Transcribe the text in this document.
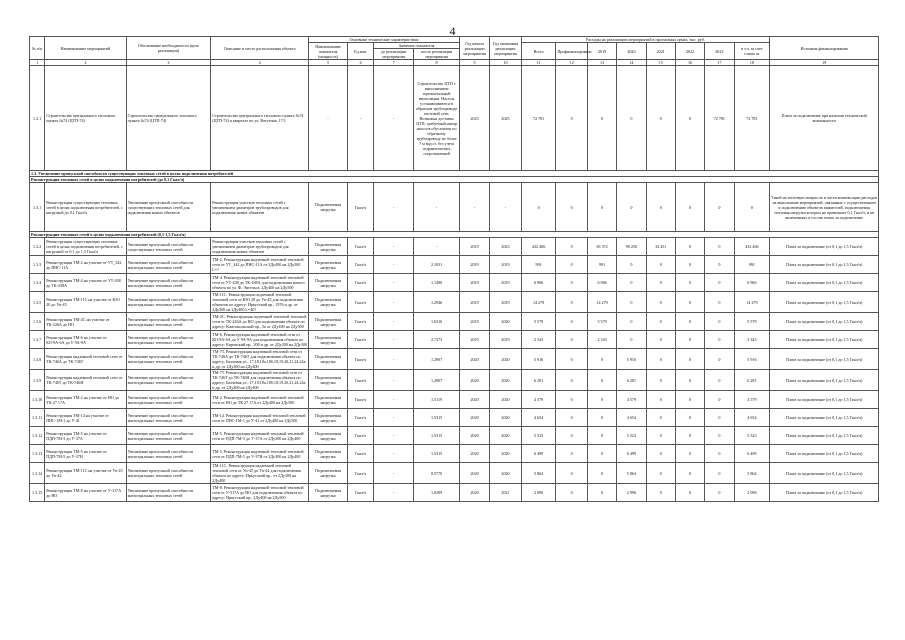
4
№ п/п	Наименование мероприятий	Обоснование необходимости (цель реализации)	Описание и место расположения объекта	Основные технические характеристики				Год начала реализации мероприятия	Год окончания реализации мероприятия	Расходы на реализацию мероприятий в прогнозных ценах, тыс. руб.								Источник финансирования
				Наименование показателя (мощность)	Ед.изм.	Значение показателя				Всего	Профинансировано	2019	2020	2021	2022	2023	в т.ч. за счет платы за	
						до реализации мероприятия	после реализации мероприятия											
1	2	3	4	5	6	7	8	9	10	11	12	13	14	15	16	17	18	19
1.2.1	Строительство центрального теплового пункта №74 (ЦТП-74)	Строительство центрального теплового пункта №74 (ЦТП-74)	Строительство центрального теплового пункта №74 (ЦТП-74) в квартале по ул. Ватутина, 17/1	-	-	-	Строительство ЦТП с выполнением горизонтальной вентиляции. Насосы устанавливаются в обратном трубопроводе тепловой сети. Возможна доставка ЦТП, требуемый напор насосов обусловлен по обратному трубопроводу не более 7 м вод.ст. без учета гидравлических сопротивлений	2023	2025	72 781	0	0	0	0	0	72 781	72 781	Плата за подключение при наличии технической возможности
1.3. Увеличение пропускной способности существующих тепловых сетей в целях подключения потребителей																		
Реконструкция тепловых сетей в целях подключения потребителей (до 0,1 Гкал/ч)																		
1.3.1	Реконструкция существующих тепловых сетей в целях подключения потребителей, с нагрузкой до 0,1 Гкал/ч	Увеличение пропускной способности существующих тепловых сетей для подключения новых объектов	Реконструкция участков тепловых сетей с увеличением диаметров трубопроводов для подключения новых объектов	Подключаемая нагрузка	Гкал/ч	-	-	-	-	0	0	0	0	0	0	0	0	Такой на тепловую мощность в части компенсации расходов на выполнение мероприятий, связанных с осуществлением к подключению объектов заявителей, подключаемая тепловая нагрузка которых не превышает 0,1 Гкал/ч, и не включенных в состав платы за подключение
Реконструкция тепловых сетей в целях подключения потребителей (0,1-1,5 Гкал/ч)																		
1.3.2	Реконструкция существующих тепловых сетей в целях подключения потребителей, с нагрузкой от 0,1 до 1,5 Гкал/ч	Увеличение пропускной способности существующих тепловых сетей	Реконструкция участков тепловых сетей с увеличением диаметров трубопроводов для подключения новых объектов	Подключаемая нагрузка	Гкал/ч	-	-	2019	2023	432 466	0	65 372	90 250	34 451	0	0	432 466	Плата за подключение (от 0,1 до 1,5 Гкал/ч)
1.3.3	Реконструкция ТМ-2 на участке от УТ_342 до ПНС-11А	Увеличение пропускной способности магистральных тепловых сетей	ТМ-2. Реконструкция надземной тепловой тепловой сети от УТ_342 до ПНС-11А от 2Ду400 на 2Ду500 L=?	Подключаемая нагрузка	Гкал/ч	-	2,1031	2019	2019	991	0	991	0	0	0	0	991	Плата за подключение (от 0,1 до 1,5 Гкал/ч)
1.3.4	Реконструкция ТМ-4 на участке от УТ-438 до ТК-438А	Увеличение пропускной способности магистральных тепловых сетей	ТМ-4. Реконструкция надземной тепловой тепловой сети от УТ-438 до ТК-438А для подключения нового объекта по ул. Ф. Энгельса, 2Ду400 на 2Ду500	Подключаемая нагрузка	Гкал/ч	-	1,1490	2019	2019	6 966	0	6 966	0	0	0	0	6 966	Плата за подключение (от 0,1 до 1,5 Гкал/ч)
1.3.5	Реконструкция ТМ-11С на участке от ЮО 20 до Уп-45	Увеличение пропускной способности магистральных тепловых сетей	ТМ-11С. Реконструкция подземной тепловой тепловой сети от ЮО 20 до Уп-45 для подключения объектов по адресу: Иркутский пр., 1976 и др. от 2Ду300 на 2Ду400 L=40?	Подключаемая нагрузка	Гкал/ч	-	1,2946	2019	2019	14 279	0	14 279	0	0	0	0	14 279	Плата за подключение (от 0,1 до 1,5 Гкал/ч)
1.3.6	Реконструкция ТМ-2С на участке от ТК-226А до НО	Увеличение пропускной способности магистральных тепловых сетей	ТМ-2С. Реконструкция подземной тепловой тепловой сети от ТК-226А до НО для подключения объекта по адресу: Комсомольский пр., 5а от 2Ду400 на 2Ду500	Подключаемая нагрузка	Гкал/ч	-	1,6310	2019	2020	5 579	0	5 579	0	0	0	0	5 579	Плата за подключение (от 0,1 до 1,5 Гкал/ч)
1.3.7	Реконструкция ТМ-6 на участке от КО-9А-6А до У 9А-9А	Увеличение пропускной способности магистральных тепловых сетей	ТМ-6. Реконструкция надземной тепловой сети от КО-9А-6А до У 9А-9А для подключения объекта по адресу: Кировский пр., 200 и др. от 2Ду200 на 2Ду300	Подключаемая нагрузка	Гкал/ч	-	2,7373	2019	2019	2 343	0	2 343	0	0	0	0	2 343	Плата за подключение (от 0,1 до 1,5 Гкал/ч)
1.3.8	Реконструкция надземной тепловой сети от ТК-746А до ТК-746Т	Увеличение пропускной способности магистральных тепловых сетей	ТМ-7Т. Реконструкция надземной тепловой сети от ТК-746А до ТК-746Т для подключения объекта по адресу: Бахчевая ул., 17,18,18а,18б,18,19,20,21,24,24а и др. от 2Ду300 на 2Ду400	Подключаемая нагрузка	Гкал/ч	-	1,2907	2020	2020	5 916	0	0	5 916	0	0	0	5 916	Плата за подключение (от 0,1 до 1,5 Гкал/ч)
1.3.9	Реконструкция надземной тепловой сети от ТК-746Т до ТК-746Н	Увеличение пропускной способности магистральных тепловых сетей	ТМ-7Т. Реконструкция надземной тепловой сети от ТК-746Т до ТК-746Н для подключения объекта по адресу: Бахчевая ул., 17,18,18а,18б,18,19,20,21,24,24а и др. от 2Ду300 на 2Ду400	Подключаемая нагрузка	Гкал/ч	-	1,2907	2020	2020	6 281	0	0	6 281	0	0	0	6 281	Плата за подключение (от 0,1 до 1,5 Гкал/ч)
1.3.10	Реконструкция ТМ-2 на участке от НО до ТК-27 17А	Увеличение пропускной способности магистральных тепловых сетей	ТМ-2. Реконструкция надземной тепловой тепловой сети от НО до ТК 27 17А от 2Ду400 на 2Ду500	Подключаемая нагрузка	Гкал/ч	-	1,5119	2020	2020	4 579	0	0	4 579	0	0	0	4 579	Плата за подключение (от 0,1 до 1,5 Гкал/ч)
1.3.11	Реконструкция ТМ-14 на участке от ПНС-1М-1 до У-41	Увеличение пропускной способности магистральных тепловых сетей	ТМ-14. Реконструкция надземной тепловой тепловой сети от ПНС-1М-1 до У-41 от 2Ду400 на 2Ду500	Подключаемая нагрузка	Гкал/ч	-	1,5315	2020	2020	4 654	0	0	4 654	0	0	0	4 654	Плата за подключение (от 0,1 до 1,5 Гкал/ч)
1.3.12	Реконструкция ТМ-5 на участке от ПДП-7М-3 до У-37А	Увеличение пропускной способности магистральных тепловых сетей	ТМ-5. Реконструкция надземной тепловой тепловой сети от ПДП-7М-3 до У-37А от 2Ду300 на 2Ду400	Подключаемая нагрузка	Гкал/ч	-	1,5315	2020	2020	5 523	0	0	5 523	0	0	0	5 523	Плата за подключение (от 0,1 до 1,5 Гкал/ч)
1.3.13	Реконструкция ТМ-5 на участке от ПДП-7М-5 до У-37Н	Увеличение пропускной способности магистральных тепловых сетей	ТМ-5. Реконструкция надземной тепловой тепловой сети от ПДП-7М-5 до У-37Н от 2Ду300 на 2Ду400	Подключаемая нагрузка	Гкал/ч	-	1,5315	2020	2020	6 499	0	0	6 499	0	0	0	6 499	Плата за подключение (от 0,1 до 1,5 Гкал/ч)
1.3.14	Реконструкция ТМ-11С на участке от Уп-45 до Уп-44	Увеличение пропускной способности магистральных тепловых сетей	ТМ-11С. Реконструкция надземной тепловой тепловой сети от Уп-45 до Уп-44 для подключения объекта по адресу: Иркутский пр., от 2Ду300 на 2Ду400	Подключаемая нагрузка	Гкал/ч	-	0,5770	2020	2020	5 864	0	0	5 864	0	0	0	5 864	Плата за подключение (от 0,1 до 1,5 Гкал/ч)
1.3.15	Реконструкция ТМ-8 на участке от У-317А до НО	Увеличение пропускной способности магистральных тепловых сетей	ТМ-8. Реконструкция надземной тепловой тепловой сети от У-317А до НО для подключения объекта по адресу: Иркутский пр., 2Ду400 на 2Ду500	Подключаемая нагрузка	Гкал/ч	-	1,0299	2020	2021	2 096	0	0	2 096	0	0	0	2 096	Плата за подключение (от 0,1 до 1,5 Гкал/ч)
